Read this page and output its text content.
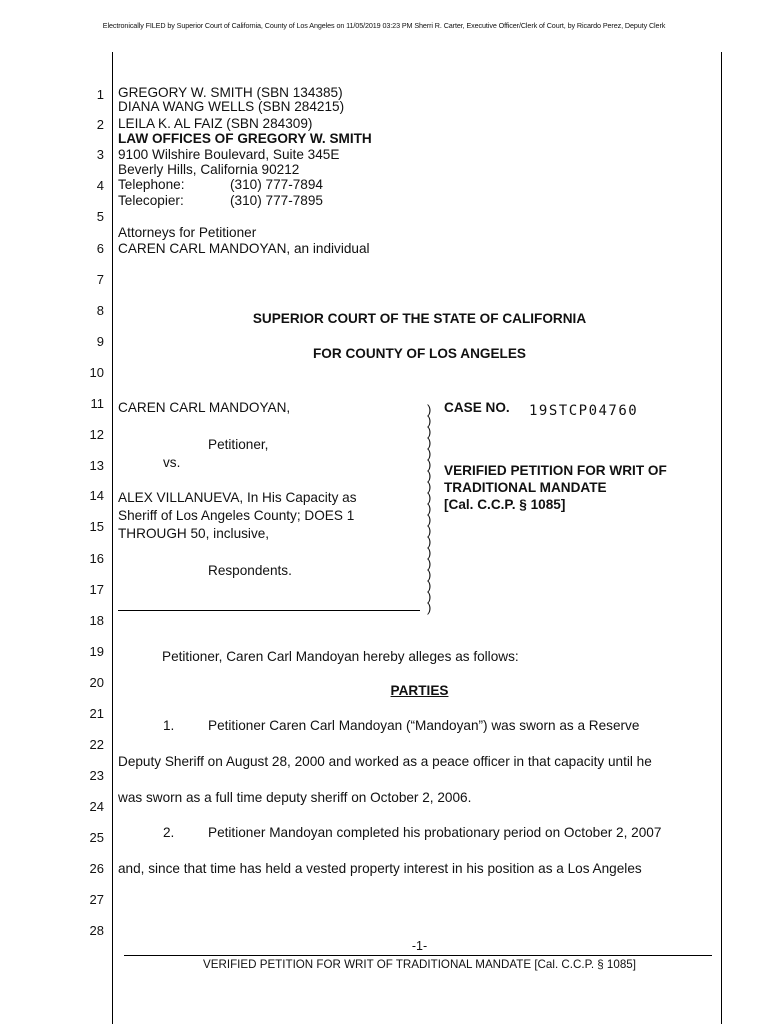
Electronically FILED by Superior Court of California, County of Los Angeles on 11/05/2019 03:23 PM Sherri R. Carter, Executive Officer/Clerk of Court, by Ricardo Perez, Deputy Clerk
1
2
3
4
5
6
7
8
9
10
11
12
13
14
15
16
17
18
19
20
21
22
23
24
25
26
27
28
GREGORY W. SMITH (SBN 134385)
DIANA WANG WELLS (SBN 284215)
LEILA K. AL FAIZ (SBN 284309)
LAW OFFICES OF GREGORY W. SMITH
9100 Wilshire Boulevard, Suite 345E
Beverly Hills, California 90212
Telephone:	(310) 777-7894
Telecopier:	(310) 777-7895
Attorneys for Petitioner
CAREN CARL MANDOYAN, an individual
SUPERIOR COURT OF THE STATE OF CALIFORNIA
FOR COUNTY OF LOS ANGELES
CAREN CARL MANDOYAN,
Petitioner,
vs.
ALEX VILLANUEVA, In His Capacity as
Sheriff of Los Angeles County; DOES 1
THROUGH 50, inclusive,
Respondents.
)
)
)
)
)
)
)
)
)
)
)
)
)
)
)
)
)
)
)
CASE NO. 19STCP04760
VERIFIED PETITION FOR WRIT OF
TRADITIONAL MANDATE
[Cal. C.C.P. § 1085]
Petitioner, Caren Carl Mandoyan hereby alleges as follows:
PARTIES
1. Petitioner Caren Carl Mandoyan (“Mandoyan”) was sworn as a Reserve
Deputy Sheriff on August 28, 2000 and worked as a peace officer in that capacity until he
was sworn as a full time deputy sheriff on October 2, 2006.
2. Petitioner Mandoyan completed his probationary period on October 2, 2007
and, since that time has held a vested property interest in his position as a Los Angeles
-1-
VERIFIED PETITION FOR WRIT OF TRADITIONAL MANDATE [Cal. C.C.P. § 1085]
